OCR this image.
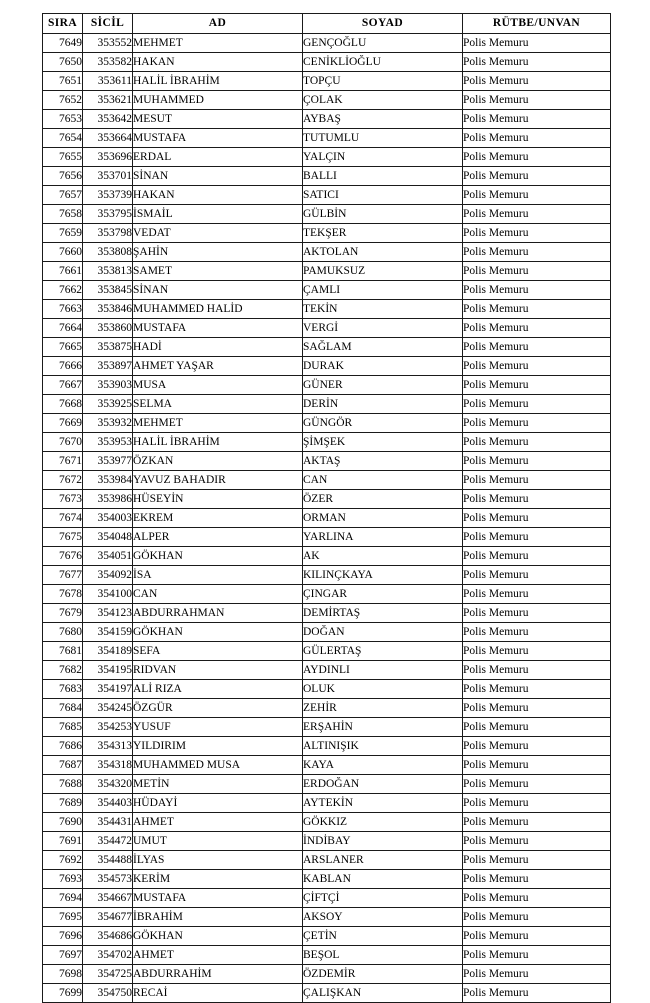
SIRA	SİCİL	AD	SOYAD	RÜTBE/UNVAN
7649	353552	MEHMET	GENÇOĞLU	Polis Memuru
7650	353582	HAKAN	CENİKLİOĞLU	Polis Memuru
7651	353611	HALİL İBRAHİM	TOPÇU	Polis Memuru
7652	353621	MUHAMMED	ÇOLAK	Polis Memuru
7653	353642	MESUT	AYBAŞ	Polis Memuru
7654	353664	MUSTAFA	TUTUMLU	Polis Memuru
7655	353696	ERDAL	YALÇIN	Polis Memuru
7656	353701	SİNAN	BALLI	Polis Memuru
7657	353739	HAKAN	SATICI	Polis Memuru
7658	353795	İSMAİL	GÜLBİN	Polis Memuru
7659	353798	VEDAT	TEKŞER	Polis Memuru
7660	353808	ŞAHİN	AKTOLAN	Polis Memuru
7661	353813	SAMET	PAMUKSUZ	Polis Memuru
7662	353845	SİNAN	ÇAMLI	Polis Memuru
7663	353846	MUHAMMED HALİD	TEKİN	Polis Memuru
7664	353860	MUSTAFA	VERGİ	Polis Memuru
7665	353875	HADİ	SAĞLAM	Polis Memuru
7666	353897	AHMET YAŞAR	DURAK	Polis Memuru
7667	353903	MUSA	GÜNER	Polis Memuru
7668	353925	SELMA	DERİN	Polis Memuru
7669	353932	MEHMET	GÜNGÖR	Polis Memuru
7670	353953	HALİL İBRAHİM	ŞİMŞEK	Polis Memuru
7671	353977	ÖZKAN	AKTAŞ	Polis Memuru
7672	353984	YAVUZ BAHADIR	CAN	Polis Memuru
7673	353986	HÜSEYİN	ÖZER	Polis Memuru
7674	354003	EKREM	ORMAN	Polis Memuru
7675	354048	ALPER	YARLINA	Polis Memuru
7676	354051	GÖKHAN	AK	Polis Memuru
7677	354092	İSA	KILINÇKAYA	Polis Memuru
7678	354100	CAN	ÇINGAR	Polis Memuru
7679	354123	ABDURRAHMAN	DEMİRTAŞ	Polis Memuru
7680	354159	GÖKHAN	DOĞAN	Polis Memuru
7681	354189	SEFA	GÜLERTAŞ	Polis Memuru
7682	354195	RIDVAN	AYDINLI	Polis Memuru
7683	354197	ALİ RIZA	OLUK	Polis Memuru
7684	354245	ÖZGÜR	ZEHİR	Polis Memuru
7685	354253	YUSUF	ERŞAHİN	Polis Memuru
7686	354313	YILDIRIM	ALTINIŞIK	Polis Memuru
7687	354318	MUHAMMED MUSA	KAYA	Polis Memuru
7688	354320	METİN	ERDOĞAN	Polis Memuru
7689	354403	HÜDAYİ	AYTEKİN	Polis Memuru
7690	354431	AHMET	GÖKKIZ	Polis Memuru
7691	354472	UMUT	İNDİBAY	Polis Memuru
7692	354488	İLYAS	ARSLANER	Polis Memuru
7693	354573	KERİM	KABLAN	Polis Memuru
7694	354667	MUSTAFA	ÇİFTÇİ	Polis Memuru
7695	354677	İBRAHİM	AKSOY	Polis Memuru
7696	354686	GÖKHAN	ÇETİN	Polis Memuru
7697	354702	AHMET	BEŞOL	Polis Memuru
7698	354725	ABDURRAHİM	ÖZDEMİR	Polis Memuru
7699	354750	RECAİ	ÇALIŞKAN	Polis Memuru
